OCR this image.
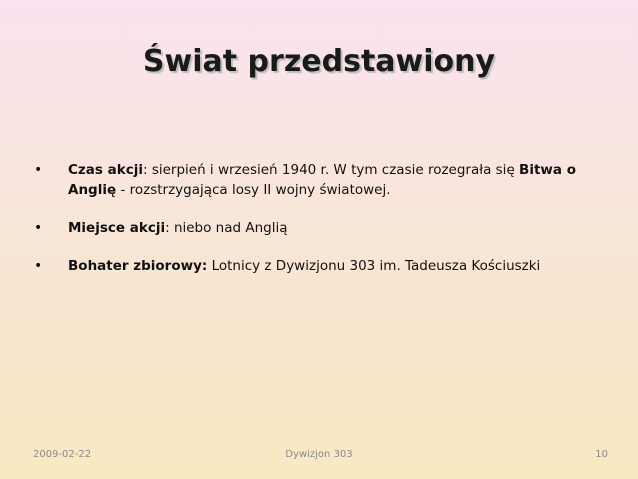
Świat przedstawiony
• Czas akcji: sierpień i wrzesień 1940 r. W tym czasie rozegrała się Bitwa o Anglię - rozstrzygająca losy II wojny światowej.
• Miejsce akcji: niebo nad Anglią
• Bohater zbiorowy: Lotnicy z Dywizjonu 303 im. Tadeusza Kościuszki
2009-02-22	Dywizjon 303	10
